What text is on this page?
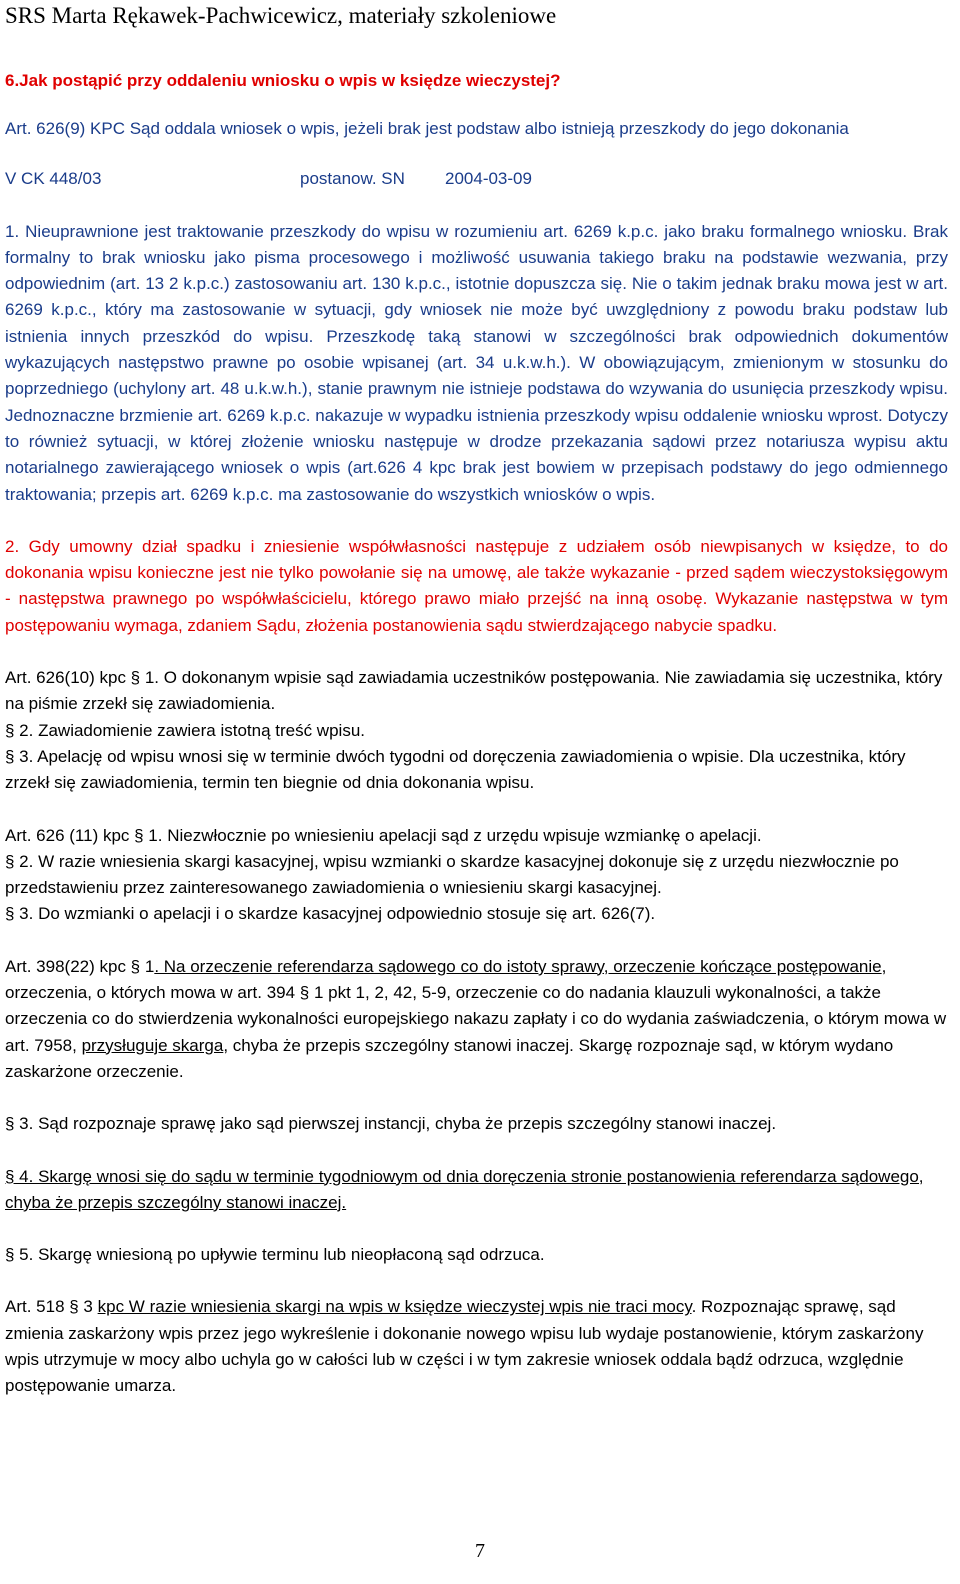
SRS Marta Rękawek-Pachwicewicz, materiały szkoleniowe

6.Jak postąpić przy oddaleniu wniosku o wpis w księdze wieczystej?

Art. 626(9) KPC Sąd oddala wniosek o wpis, jeżeli brak jest podstaw albo istnieją przeszkody do jego dokonania

V CK 448/03	postanow. SN	2004-03-09

1. Nieuprawnione jest traktowanie przeszkody do wpisu w rozumieniu art. 6269 k.p.c. jako braku formalnego wniosku. Brak formalny to brak wniosku jako pisma procesowego i możliwość usuwania takiego braku na podstawie wezwania, przy odpowiednim (art. 13 2 k.p.c.) zastosowaniu art. 130 k.p.c., istotnie dopuszcza się. Nie o takim jednak braku mowa jest w art. 6269 k.p.c., który ma zastosowanie w sytuacji, gdy wniosek nie może być uwzględniony z powodu braku podstaw lub istnienia innych przeszkód do wpisu. Przeszkodę taką stanowi w szczególności brak odpowiednich dokumentów wykazujących następstwo prawne po osobie wpisanej (art. 34 u.k.w.h.). W obowiązującym, zmienionym w stosunku do poprzedniego (uchylony art. 48 u.k.w.h.), stanie prawnym nie istnieje podstawa do wzywania do usunięcia przeszkody wpisu. Jednoznaczne brzmienie art. 6269 k.p.c. nakazuje w wypadku istnienia przeszkody wpisu oddalenie wniosku wprost. Dotyczy to również sytuacji, w której złożenie wniosku następuje w drodze przekazania sądowi przez notariusza wypisu aktu notarialnego zawierającego wniosek o wpis (art.626 4 kpc brak jest bowiem w przepisach podstawy do jego odmiennego traktowania; przepis art. 6269 k.p.c. ma zastosowanie do wszystkich wniosków o wpis.

2. Gdy umowny dział spadku i zniesienie współwłasności następuje z udziałem osób niewpisanych w księdze, to do dokonania wpisu konieczne jest nie tylko powołanie się na umowę, ale także wykazanie - przed sądem wieczystoksięgowym - następstwa prawnego po współwłaścicielu, którego prawo miało przejść na inną osobę. Wykazanie następstwa w tym postępowaniu wymaga, zdaniem Sądu, złożenia postanowienia sądu stwierdzającego nabycie spadku.

Art. 626(10) kpc § 1. O dokonanym wpisie sąd zawiadamia uczestników postępowania. Nie zawiadamia się uczestnika, który na piśmie zrzekł się zawiadomienia.

§ 2. Zawiadomienie zawiera istotną treść wpisu.

§ 3. Apelację od wpisu wnosi się w terminie dwóch tygodni od doręczenia zawiadomienia o wpisie. Dla uczestnika, który zrzekł się zawiadomienia, termin ten biegnie od dnia dokonania wpisu.

Art. 626 (11) kpc § 1. Niezwłocznie po wniesieniu apelacji sąd z urzędu wpisuje wzmiankę o apelacji.

§ 2. W razie wniesienia skargi kasacyjnej, wpisu wzmianki o skardze kasacyjnej dokonuje się z urzędu niezwłocznie po przedstawieniu przez zainteresowanego zawiadomienia o wniesieniu skargi kasacyjnej.

§ 3. Do wzmianki o apelacji i o skardze kasacyjnej odpowiednio stosuje się art. 626(7).

Art. 398(22) kpc § 1. Na orzeczenie referendarza sądowego co do istoty sprawy, orzeczenie kończące postępowanie, orzeczenia, o których mowa w art. 394 § 1 pkt 1, 2, 42, 5-9, orzeczenie co do nadania klauzuli wykonalności, a także orzeczenia co do stwierdzenia wykonalności europejskiego nakazu zapłaty i co do wydania zaświadczenia, o którym mowa w art. 7958, przysługuje skarga, chyba że przepis szczególny stanowi inaczej. Skargę rozpoznaje sąd, w którym wydano zaskarżone orzeczenie.

§ 3. Sąd rozpoznaje sprawę jako sąd pierwszej instancji, chyba że przepis szczególny stanowi inaczej.

§ 4. Skargę wnosi się do sądu w terminie tygodniowym od dnia doręczenia stronie postanowienia referendarza sądowego, chyba że przepis szczególny stanowi inaczej.

§ 5. Skargę wniesioną po upływie terminu lub nieopłaconą sąd odrzuca.

Art. 518 § 3 kpc W razie wniesienia skargi na wpis w księdze wieczystej wpis nie traci mocy. Rozpoznając sprawę, sąd zmienia zaskarżony wpis przez jego wykreślenie i dokonanie nowego wpisu lub wydaje postanowienie, którym zaskarżony wpis utrzymuje w mocy albo uchyla go w całości lub w części i w tym zakresie wniosek oddala bądź odrzuca, względnie postępowanie umarza.

7
